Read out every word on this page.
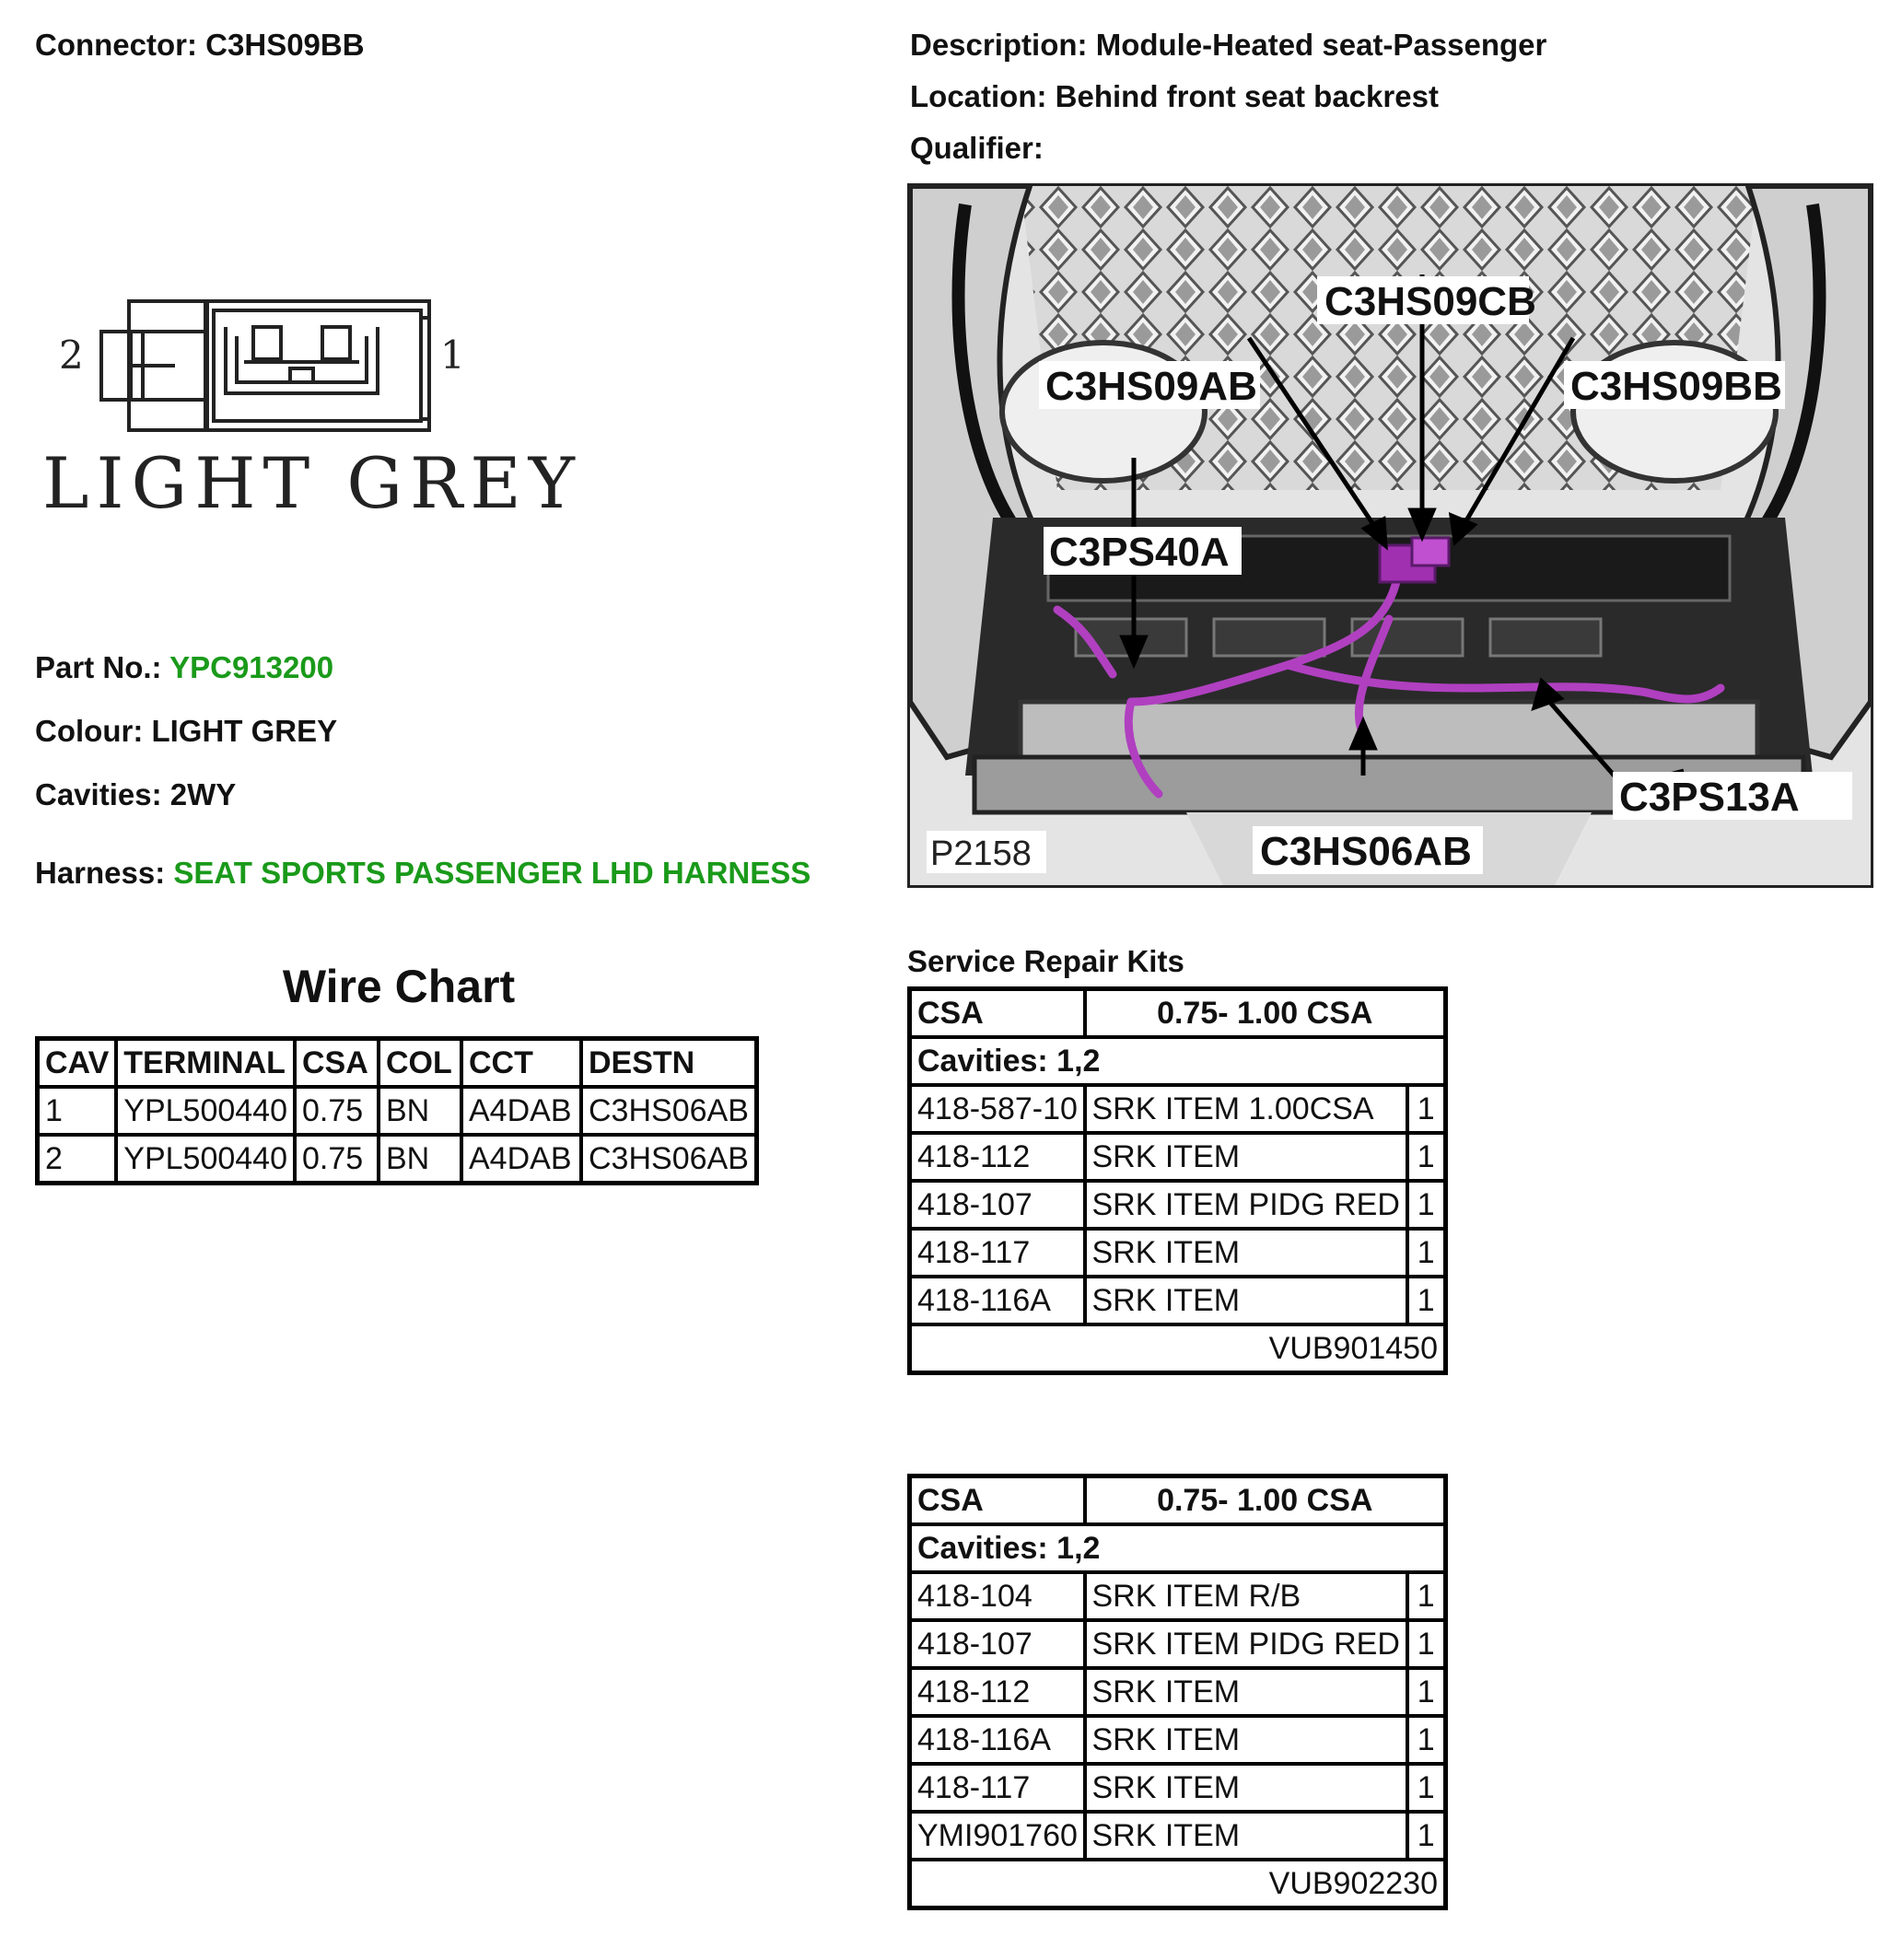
Connector: C3HS09BB	Description: Module-Heated seat-Passenger
Location: Behind front seat backrest
Qualifier:
2	1
LIGHT GREY
Part No.: YPC913200
Colour: LIGHT GREY
Cavities: 2WY
Harness: SEAT SPORTS PASSENGER LHD HARNESS
Wire Chart
CAV	TERMINAL	CSA	COL	CCT	DESTN
1	YPL500440	0.75	BN	A4DAB	C3HS06AB
2	YPL500440	0.75	BN	A4DAB	C3HS06AB
C3HS09CB
C3HS09AB	C3HS09BB
C3PS40A
C3PS13A
C3HS06AB
P2158
Service Repair Kits
CSA	0.75- 1.00 CSA	
Cavities: 1,2		
418-587-10	SRK ITEM 1.00CSA	1
418-112	SRK ITEM	1
418-107	SRK ITEM PIDG RED	1
418-117	SRK ITEM	1
418-116A	SRK ITEM	1
VUB901450		
CSA	0.75- 1.00 CSA	
Cavities: 1,2		
418-104	SRK ITEM R/B	1
418-107	SRK ITEM PIDG RED	1
418-112	SRK ITEM	1
418-116A	SRK ITEM	1
418-117	SRK ITEM	1
YMI901760	SRK ITEM	1
VUB902230		
